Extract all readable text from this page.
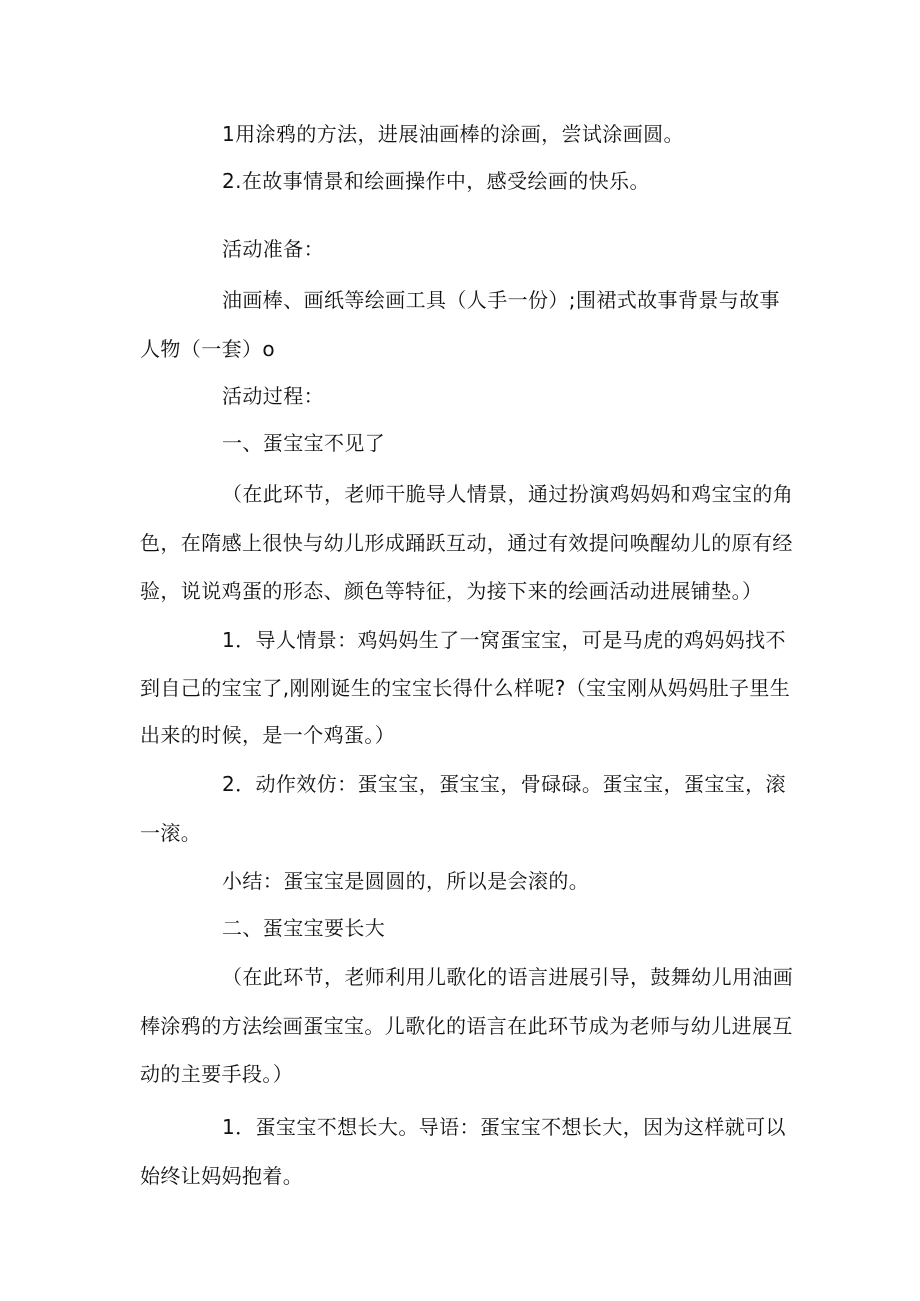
1用涂鸦的方法，进展油画棒的涂画，尝试涂画圆。
2.在故事情景和绘画操作中，感受绘画的快乐。
活动准备：
油画棒、画纸等绘画工具（人手一份）;围裙式故事背景与故事
人物（一套）o
活动过程：
一、蛋宝宝不见了
（在此环节，老师干脆导人情景，通过扮演鸡妈妈和鸡宝宝的角
色，在隋感上很快与幼儿形成踊跃互动，通过有效提问唤醒幼儿的原有经
验，说说鸡蛋的形态、颜色等特征，为接下来的绘画活动进展铺垫。）
1．导人情景：鸡妈妈生了一窝蛋宝宝，可是马虎的鸡妈妈找不
到自己的宝宝了,刚刚诞生的宝宝长得什么样呢?（宝宝刚从妈妈肚子里生
出来的时候，是一个鸡蛋。）
2．动作效仿：蛋宝宝，蛋宝宝，骨碌碌。蛋宝宝，蛋宝宝，滚
一滚。
小结：蛋宝宝是圆圆的，所以是会滚的。
二、蛋宝宝要长大
（在此环节，老师利用儿歌化的语言进展引导，鼓舞幼儿用油画
棒涂鸦的方法绘画蛋宝宝。儿歌化的语言在此环节成为老师与幼儿进展互
动的主要手段。）
1．蛋宝宝不想长大。导语：蛋宝宝不想长大，因为这样就可以
始终让妈妈抱着。
